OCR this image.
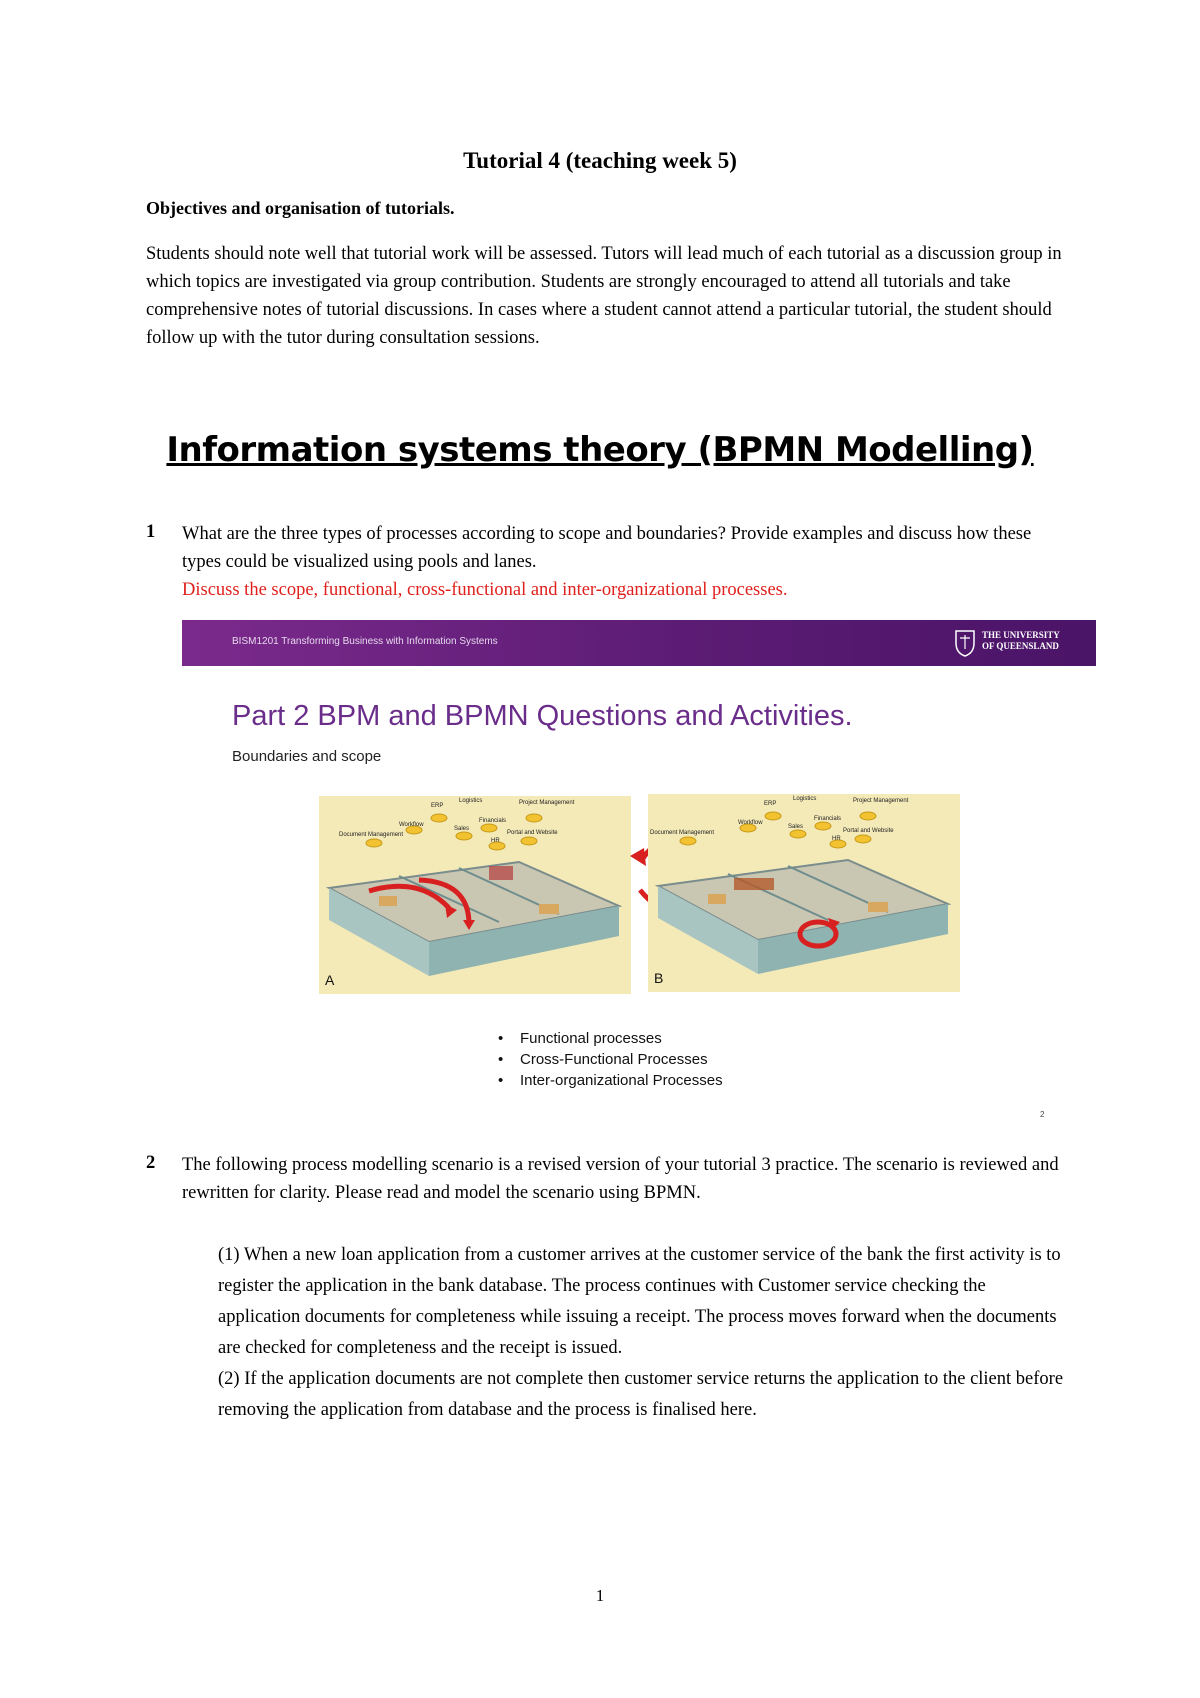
Tutorial 4 (teaching week 5)
Objectives and organisation of tutorials.
Students should note well that tutorial work will be assessed. Tutors will lead much of each tutorial as a discussion group in which topics are investigated via group contribution. Students are strongly encouraged to attend all tutorials and take comprehensive notes of tutorial discussions. In cases where a student cannot attend a particular tutorial, the student should follow up with the tutor during consultation sessions.
Information systems theory (BPMN Modelling)
1 What are the three types of processes according to scope and boundaries? Provide examples and discuss how these types could be visualized using pools and lanes.
Discuss the scope, functional, cross-functional and inter-organizational processes.
BISM1201 Transforming Business with Information Systems
THE UNIVERSITY
OF QUEENSLAND
Part 2 BPM and BPMN Questions and Activities.
Boundaries and scope
Document Management
Workflow
ERP
Logistics
Sales
Financials
Project Management
Portal and Website
HR
A
Document Management
Workflow
ERP
Logistics
Sales
Financials
Project Management
Portal and Website
HR
B
• Functional processes
• Cross-Functional Processes
• Inter-organizational Processes
2
2 The following process modelling scenario is a revised version of your tutorial 3 practice. The scenario is reviewed and rewritten for clarity. Please read and model the scenario using BPMN.
(1) When a new loan application from a customer arrives at the customer service of the bank the first activity is to register the application in the bank database. The process continues with Customer service checking the application documents for completeness while issuing a receipt. The process moves forward when the documents are checked for completeness and the receipt is issued.
(2) If the application documents are not complete then customer service returns the application to the client before removing the application from database and the process is finalised here.
1
